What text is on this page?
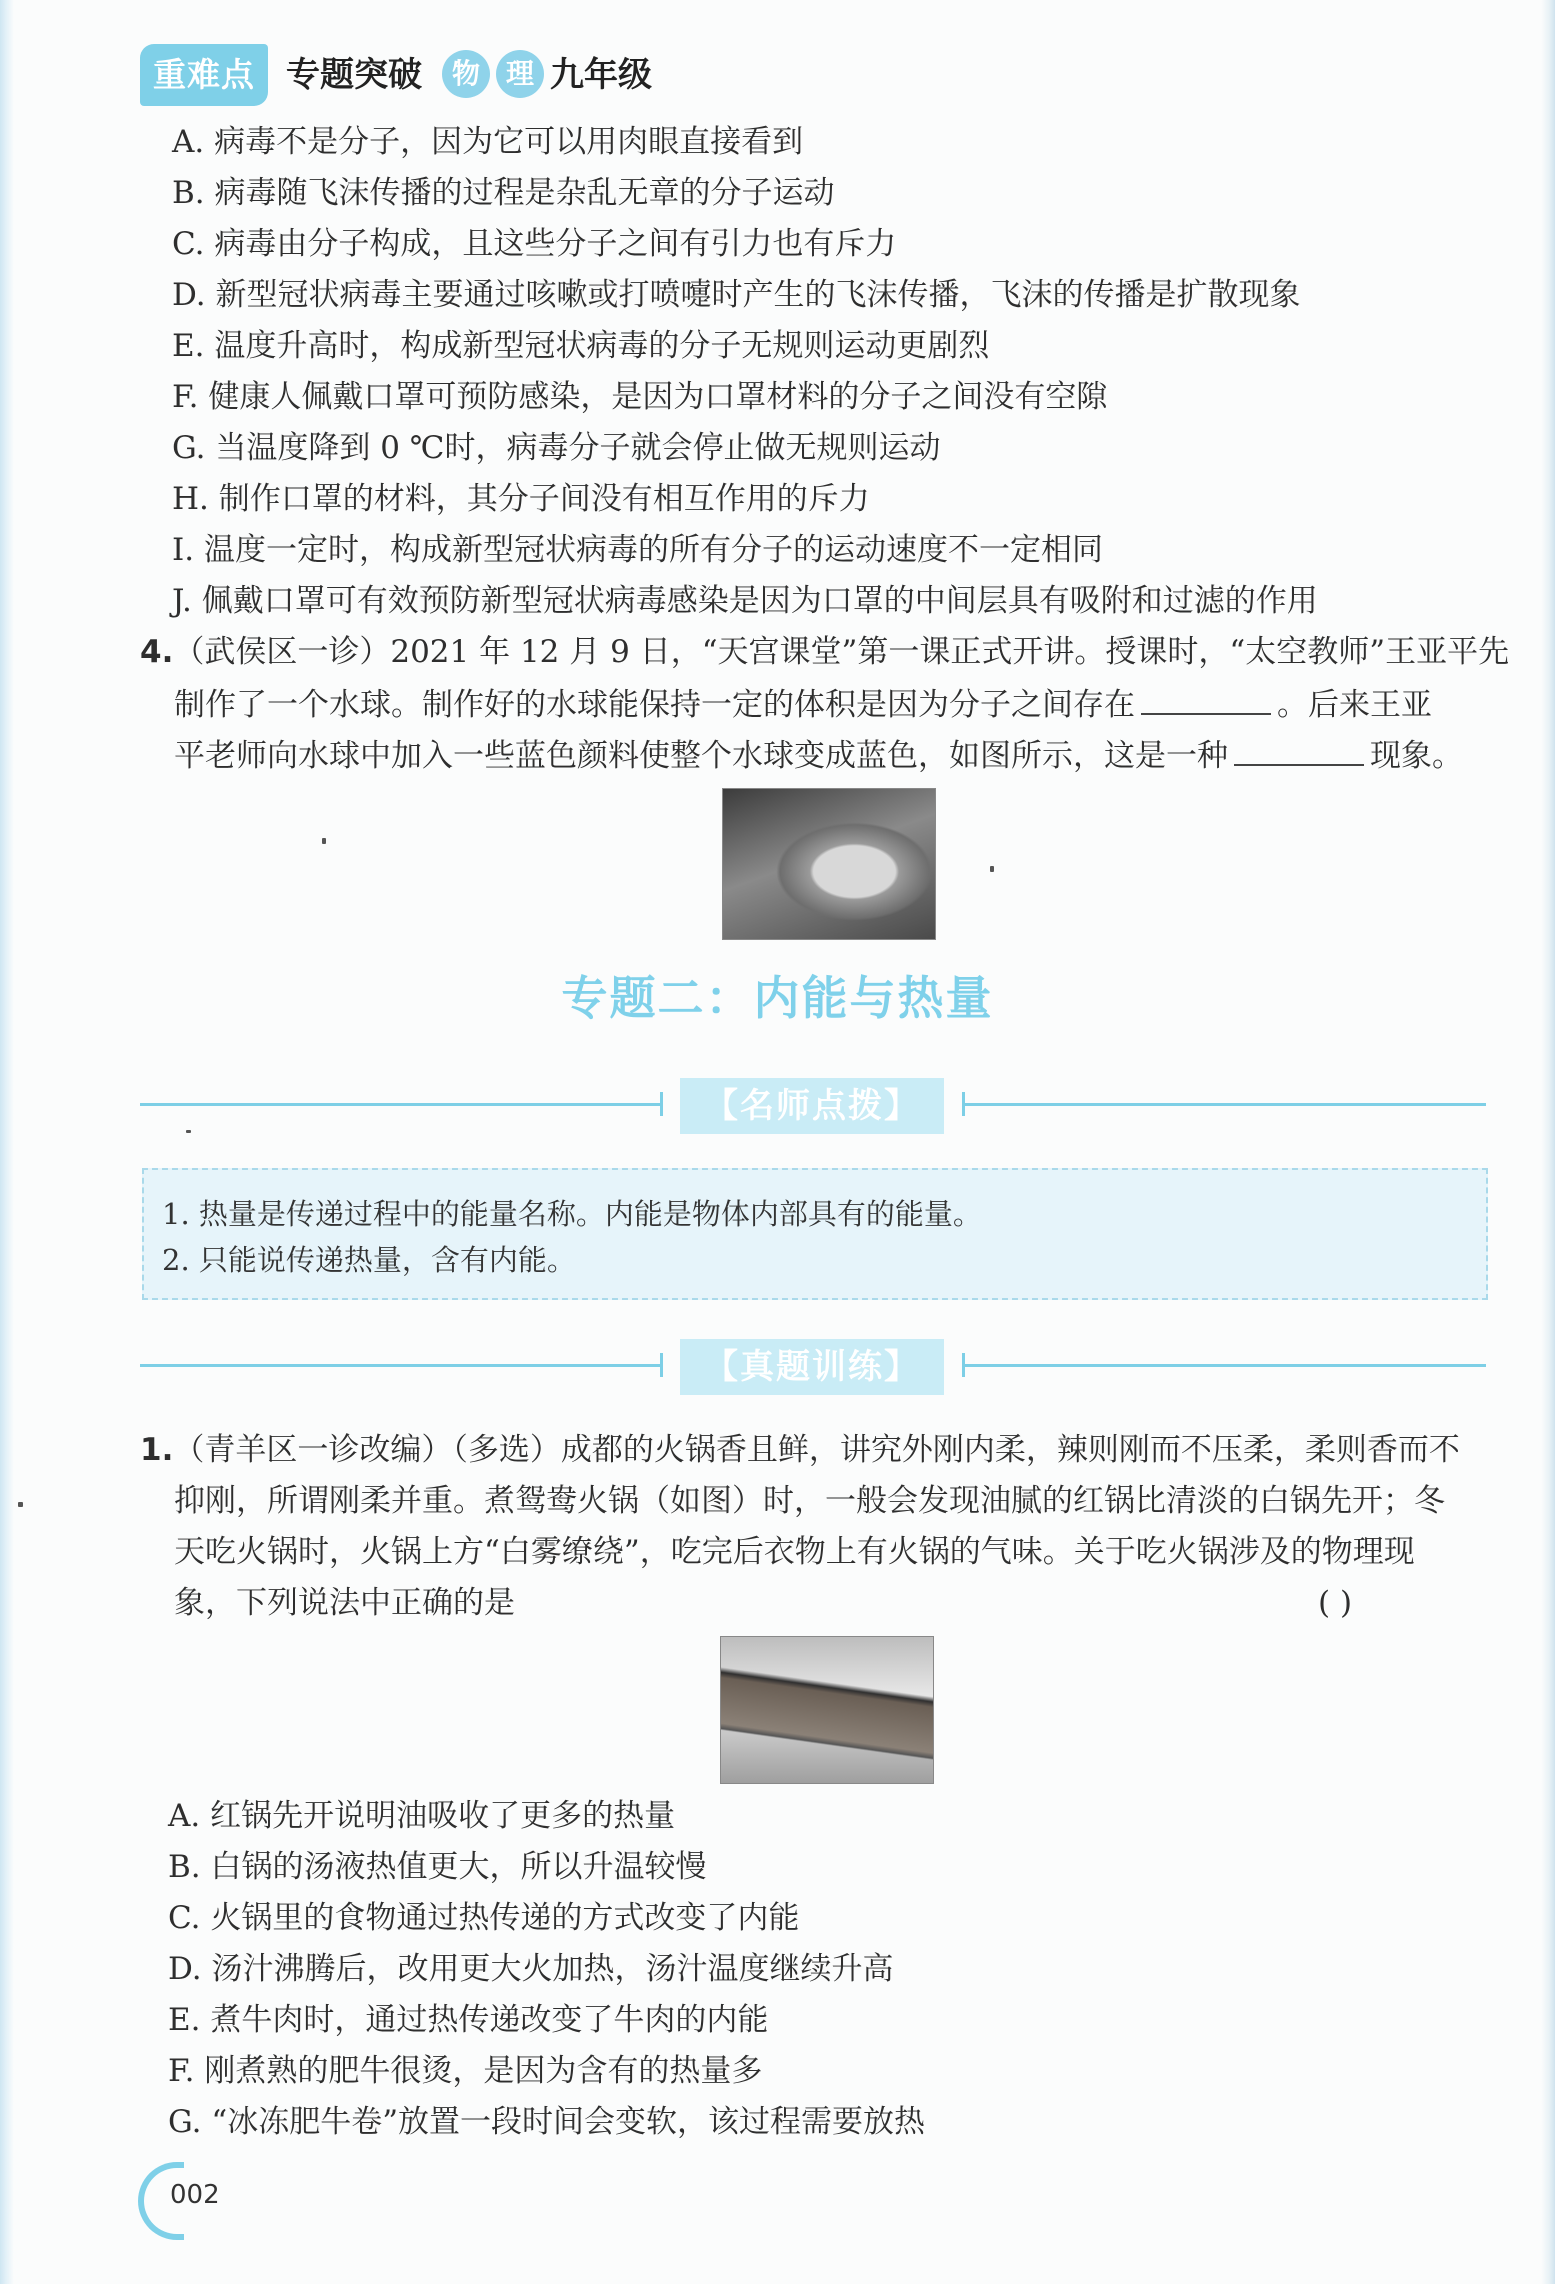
重难点 专题突破	物 理 九年级
A. 病毒不是分子，因为它可以用肉眼直接看到
B. 病毒随飞沫传播的过程是杂乱无章的分子运动
C. 病毒由分子构成，且这些分子之间有引力也有斥力
D. 新型冠状病毒主要通过咳嗽或打喷嚏时产生的飞沫传播，飞沫的传播是扩散现象
E. 温度升高时，构成新型冠状病毒的分子无规则运动更剧烈
F. 健康人佩戴口罩可预防感染，是因为口罩材料的分子之间没有空隙
G. 当温度降到 0 ℃时，病毒分子就会停止做无规则运动
H. 制作口罩的材料，其分子间没有相互作用的斥力
I. 温度一定时，构成新型冠状病毒的所有分子的运动速度不一定相同
J. 佩戴口罩可有效预防新型冠状病毒感染是因为口罩的中间层具有吸附和过滤的作用
4.（武侯区一诊）2021 年 12 月 9 日，“天宫课堂”第一课正式开讲。授课时，“太空教师”王亚平先
制作了一个水球。制作好的水球能保持一定的体积是因为分子之间存在	。后来王亚
平老师向水球中加入一些蓝色颜料使整个水球变成蓝色，如图所示，这是一种	现象。
专题二：内能与热量
【名师点拨】
1. 热量是传递过程中的能量名称。内能是物体内部具有的能量。
2. 只能说传递热量，含有内能。
【真题训练】
1.（青羊区一诊改编）（多选）成都的火锅香且鲜，讲究外刚内柔，辣则刚而不压柔，柔则香而不
抑刚，所谓刚柔并重。煮鸳鸯火锅（如图）时，一般会发现油腻的红锅比清淡的白锅先开；冬
天吃火锅时，火锅上方“白雾缭绕”，吃完后衣物上有火锅的气味。关于吃火锅涉及的物理现
象，下列说法中正确的是	( )
A. 红锅先开说明油吸收了更多的热量
B. 白锅的汤液热值更大，所以升温较慢
C. 火锅里的食物通过热传递的方式改变了内能
D. 汤汁沸腾后，改用更大火加热，汤汁温度继续升高
E. 煮牛肉时，通过热传递改变了牛肉的内能
F. 刚煮熟的肥牛很烫，是因为含有的热量多
G. “冰冻肥牛卷”放置一段时间会变软，该过程需要放热
002
